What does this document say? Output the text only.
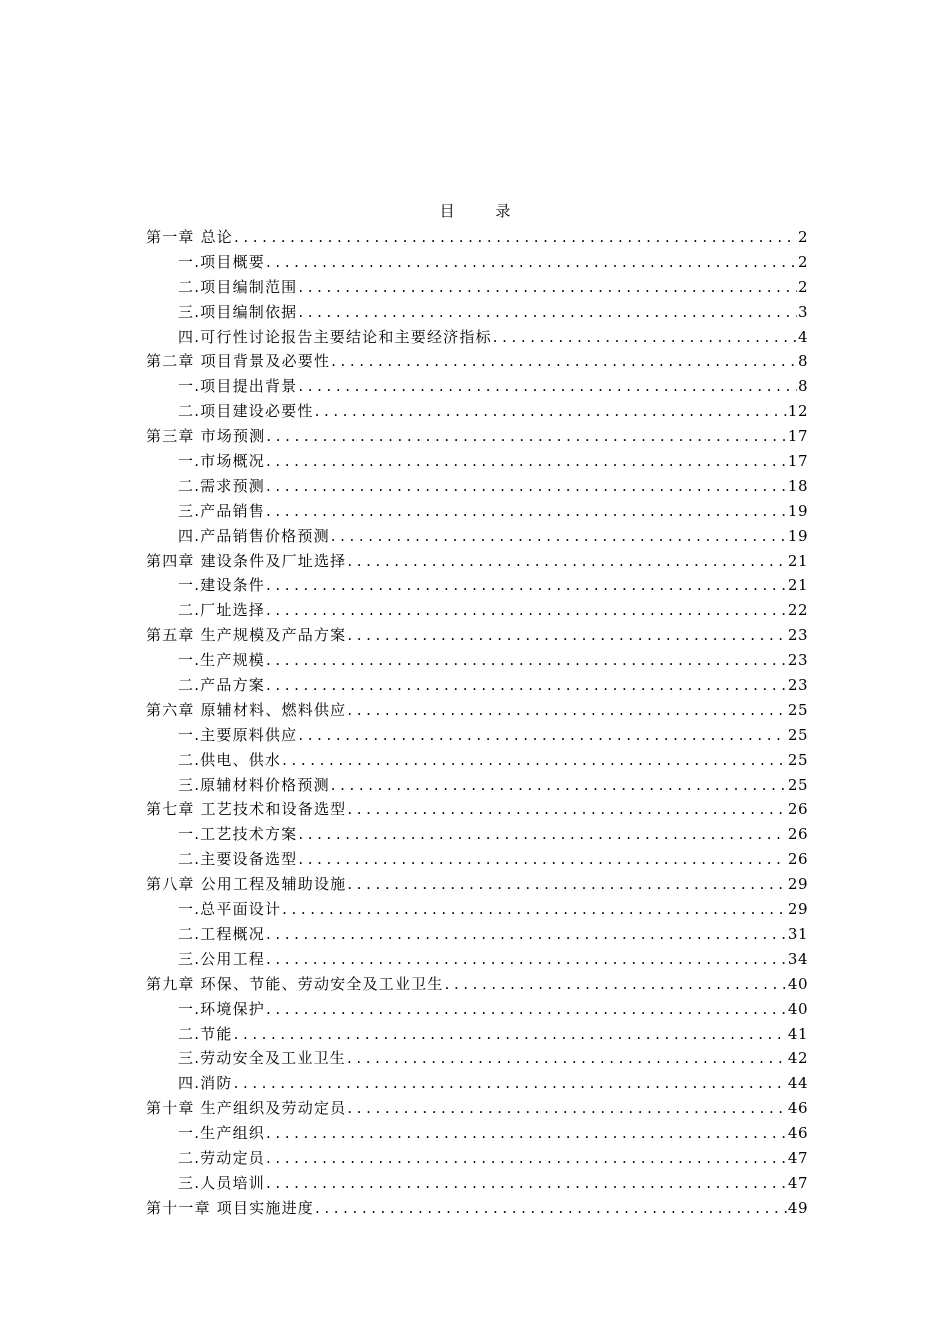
目 录
第一章 总论 .....	2
一.项目概要 .....	2
二.项目编制范围 .....	2
三.项目编制依据 .....	3
四.可行性讨论报告主要结论和主要经济指标 .....	4
第二章 项目背景及必要性 .....	8
一.项目提出背景 .....	8
二.项目建设必要性 .....	12
第三章 市场预测 .....	17
一.市场概况 .....	17
二.需求预测 .....	18
三.产品销售 .....	19
四.产品销售价格预测 .....	19
第四章 建设条件及厂址选择 .....	21
一.建设条件 .....	21
二.厂址选择 .....	22
第五章 生产规模及产品方案 .....	23
一.生产规模 .....	23
二.产品方案 .....	23
第六章 原辅材料、燃料供应 .....	25
一.主要原料供应 .....	25
二.供电、供水 .....	25
三.原辅材料价格预测 .....	25
第七章 工艺技术和设备选型 .....	26
一.工艺技术方案 .....	26
二.主要设备选型 .....	26
第八章 公用工程及辅助设施 .....	29
一.总平面设计 .....	29
二.工程概况 .....	31
三.公用工程 .....	34
第九章 环保、节能、劳动安全及工业卫生 .....	40
一.环境保护 .....	40
二.节能 .....	41
三.劳动安全及工业卫生 .....	42
四.消防 .....	44
第十章 生产组织及劳动定员 .....	46
一.生产组织 .....	46
二.劳动定员 .....	47
三.人员培训 .....	47
第十一章 项目实施进度 .....	49
